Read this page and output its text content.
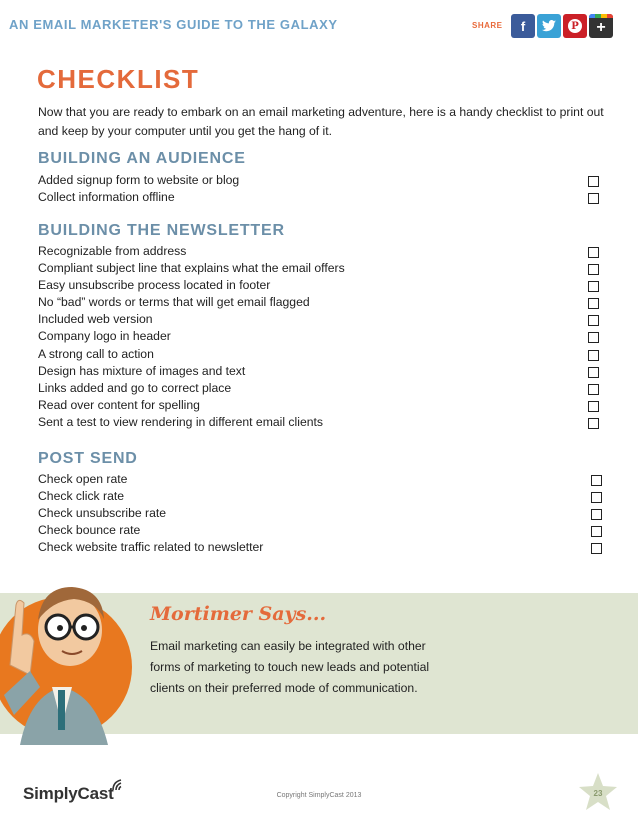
AN EMAIL MARKETER'S GUIDE TO THE GALAXY	SHARE f	P +
CHECKLIST
Now that you are ready to embark on an email marketing adventure, here is a handy checklist to print out and keep by your computer until you get the hang of it.
BUILDING AN AUDIENCE
Added signup form to website or blog
Collect information offline
BUILDING THE NEWSLETTER
Recognizable from address
Compliant subject line that explains what the email offers
Easy unsubscribe process located in footer
No “bad” words or terms that will get email flagged
Included web version
Company logo in header
A strong call to action
Design has mixture of images and text
Links added and go to correct place
Read over content for spelling
Sent a test to view rendering in different email clients
POST SEND
Check open rate
Check click rate
Check unsubscribe rate
Check bounce rate
Check website traffic related to newsletter
Mortimer Says...
Email marketing can easily be integrated with other forms of marketing to touch new leads and potential clients on their preferred mode of communication.
SimplyCast	Copyright SimplyCast 2013	23
